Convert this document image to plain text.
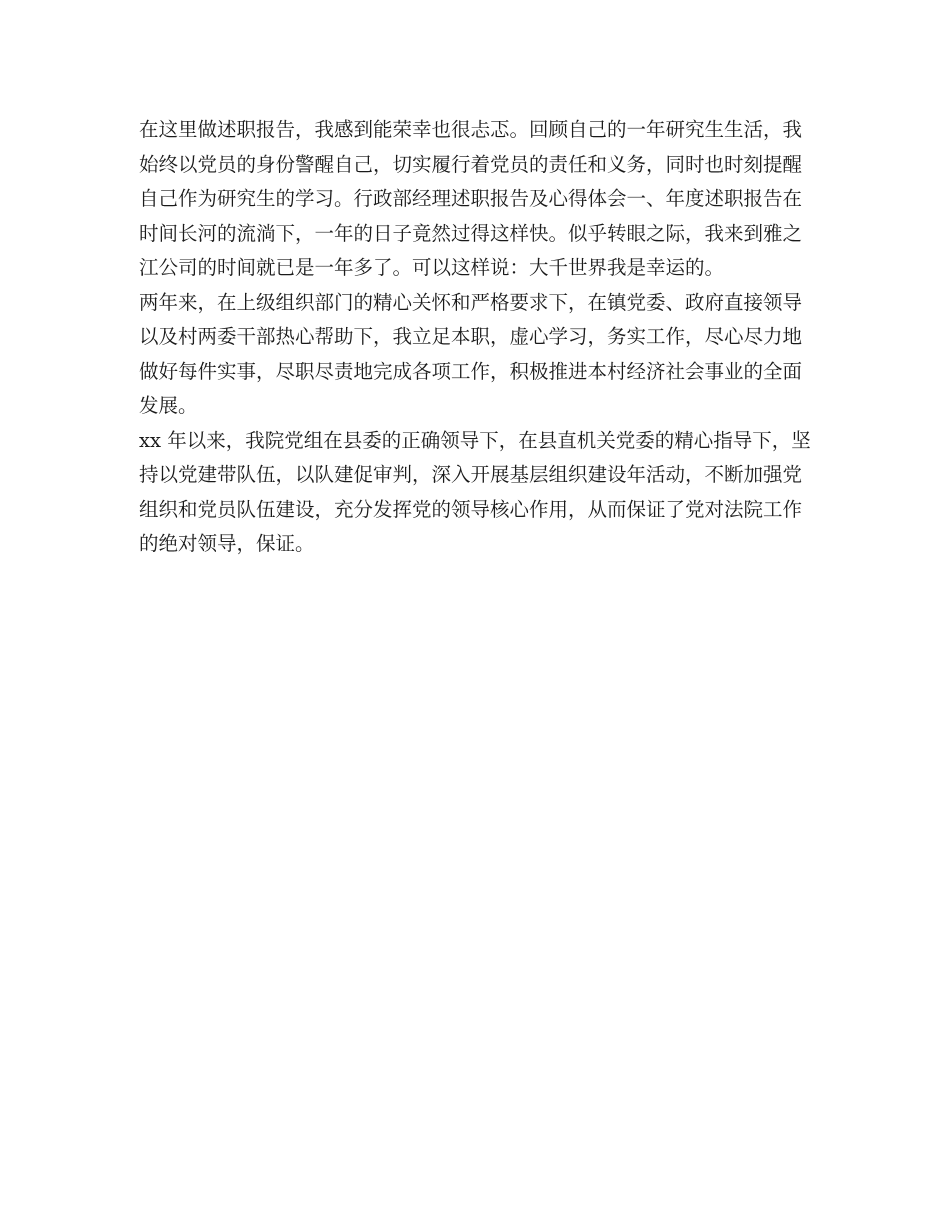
在这里做述职报告，我感到能荣幸也很忐忑。回顾自己的一年研究生生活，我始终以党员的身份警醒自己，切实履行着党员的责任和义务，同时也时刻提醒自己作为研究生的学习。行政部经理述职报告及心得体会一、年度述职报告在时间长河的流淌下，一年的日子竟然过得这样快。似乎转眼之际，我来到雅之江公司的时间就已是一年多了。可以这样说：大千世界我是幸运的。

两年来，在上级组织部门的精心关怀和严格要求下，在镇党委、政府直接领导以及村两委干部热心帮助下，我立足本职，虚心学习，务实工作，尽心尽力地做好每件实事，尽职尽责地完成各项工作，积极推进本村经济社会事业的全面发展。

xx 年以来，我院党组在县委的正确领导下，在县直机关党委的精心指导下，坚持以党建带队伍，以队建促审判，深入开展基层组织建设年活动，不断加强党组织和党员队伍建设，充分发挥党的领导核心作用，从而保证了党对法院工作的绝对领导，保证。
